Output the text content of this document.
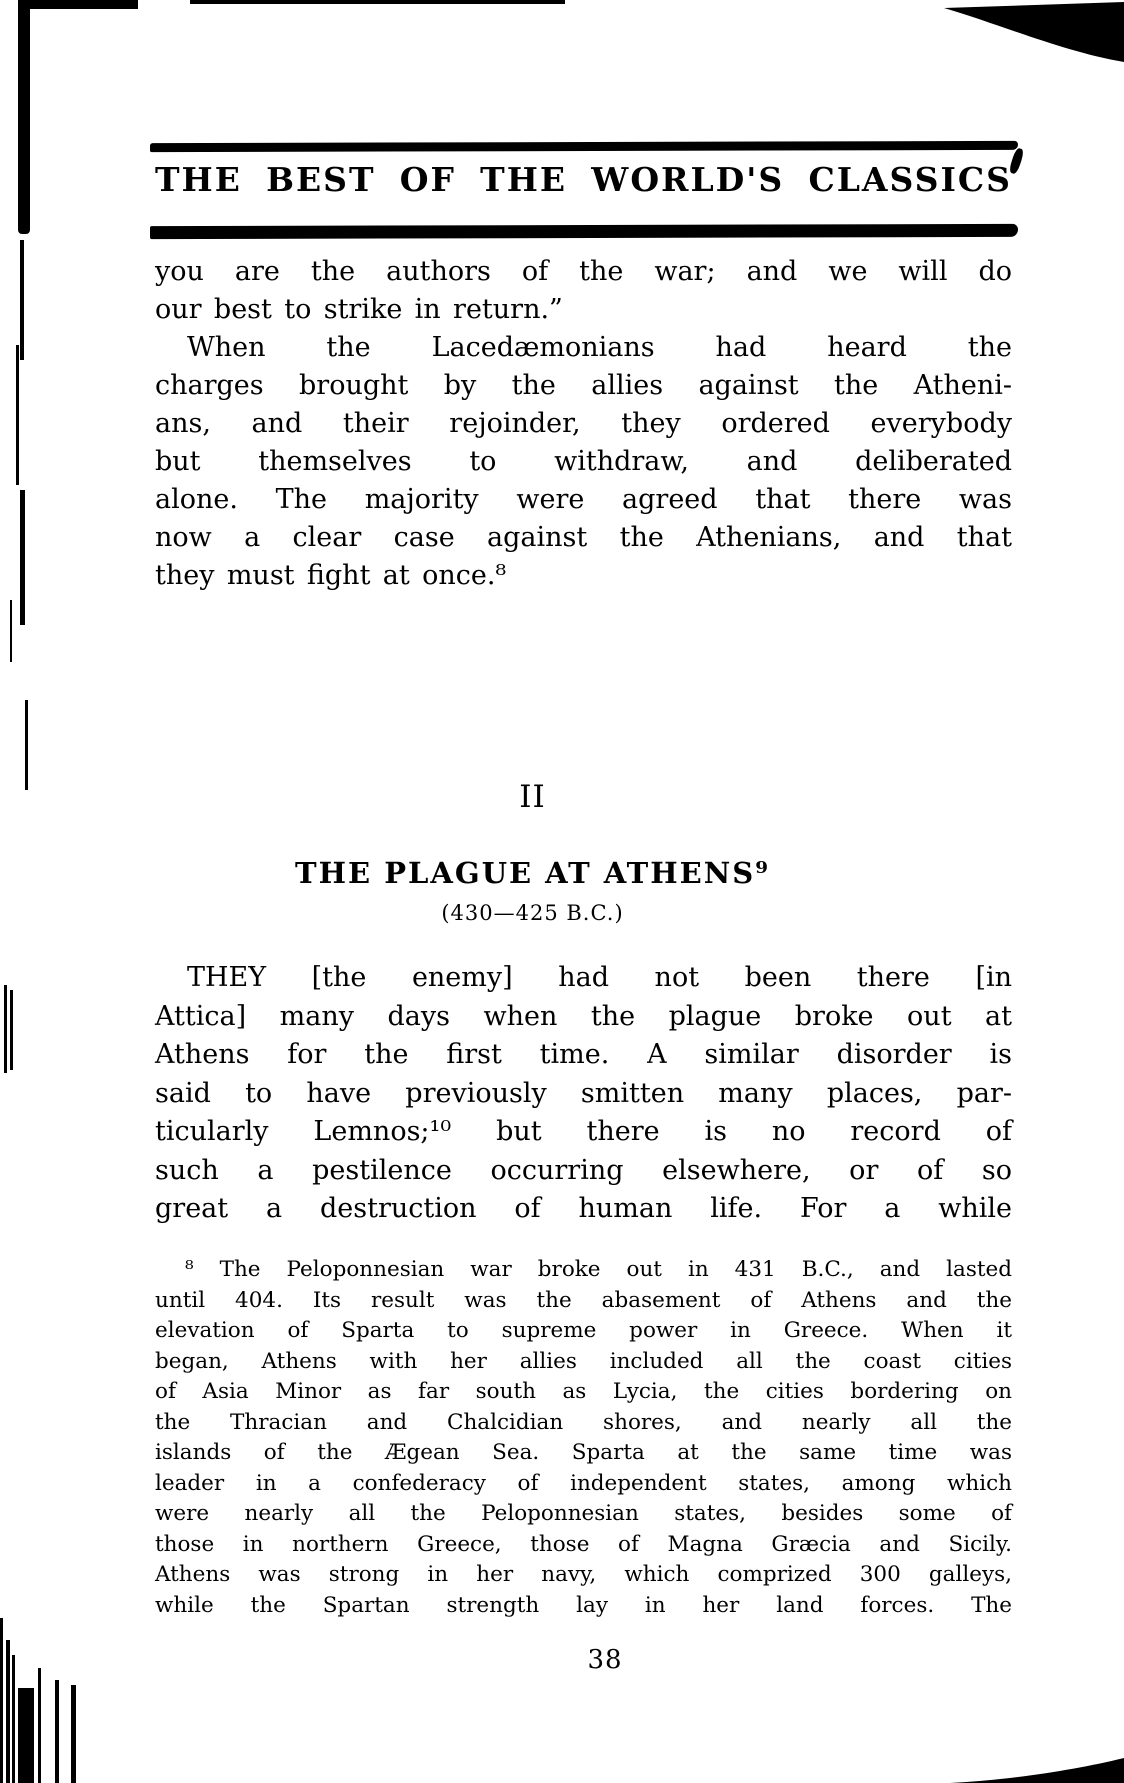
THE BEST OF THE WORLD'S CLASSICS
you are the authors of the war; and we will do
our best to strike in return.”
When the Lacedæmonians had heard the
charges brought by the allies against the Atheni-
ans, and their rejoinder, they ordered everybody
but themselves to withdraw, and deliberated
alone. The majority were agreed that there was
now a clear case against the Athenians, and that
they must fight at once.⁸
II
THE PLAGUE AT ATHENS⁹
(430—425 B.C.)
THEY [the enemy] had not been there [in
Attica] many days when the plague broke out at
Athens for the first time. A similar disorder is
said to have previously smitten many places, par-
ticularly Lemnos;¹⁰ but there is no record of
such a pestilence occurring elsewhere, or of so
great a destruction of human life. For a while
⁸ The Peloponnesian war broke out in 431 B.C., and lasted
until 404. Its result was the abasement of Athens and the
elevation of Sparta to supreme power in Greece. When it
began, Athens with her allies included all the coast cities
of Asia Minor as far south as Lycia, the cities bordering on
the Thracian and Chalcidian shores, and nearly all the
islands of the Ægean Sea. Sparta at the same time was
leader in a confederacy of independent states, among which
were nearly all the Peloponnesian states, besides some of
those in northern Greece, those of Magna Græcia and Sicily.
Athens was strong in her navy, which comprized 300 galleys,
while the Spartan strength lay in her land forces. The
38
